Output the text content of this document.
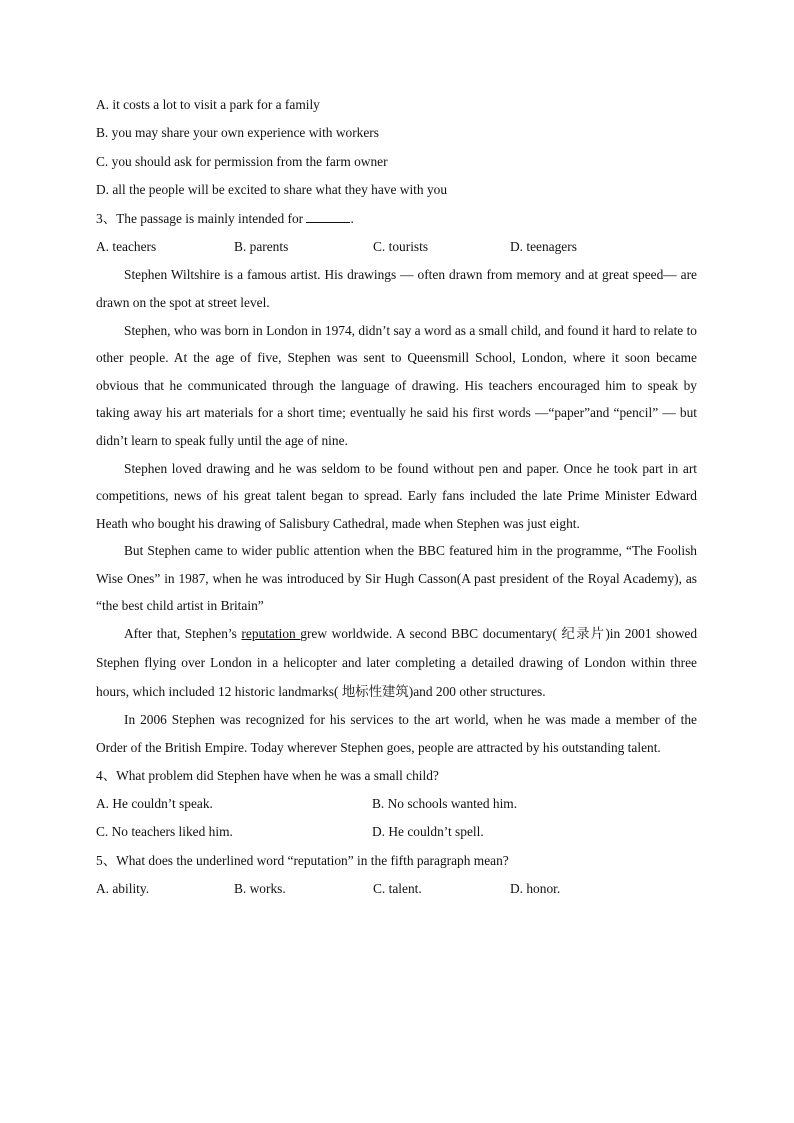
A. it costs a lot to visit a park for a family
B. you may share your own experience with workers
C. you should ask for permission from the farm owner
D. all the people will be excited to share what they have with you
3、The passage is mainly intended for	.
A. teachers	B. parents	C. tourists	D. teenagers

Stephen Wiltshire is a famous artist. His drawings — often drawn from memory and at great speed— are drawn on the spot at street level.

Stephen, who was born in London in 1974, didn’t say a word as a small child, and found it hard to relate to other people. At the age of five, Stephen was sent to Queensmill School, London, where it soon became obvious that he communicated through the language of drawing. His teachers encouraged him to speak by taking away his art materials for a short time; eventually he said his first words —“paper”and “pencil” — but didn’t learn to speak fully until the age of nine.

Stephen loved drawing and he was seldom to be found without pen and paper. Once he took part in art competitions, news of his great talent began to spread. Early fans included the late Prime Minister Edward Heath who bought his drawing of Salisbury Cathedral, made when Stephen was just eight.

But Stephen came to wider public attention when the BBC featured him in the programme, “The Foolish Wise Ones” in 1987, when he was introduced by Sir Hugh Casson(A past president of the Royal Academy), as “the best child artist in Britain”

After that, Stephen’s reputation grew worldwide. A second BBC documentary( 纪录片)in 2001 showed Stephen flying over London in a helicopter and later completing a detailed drawing of London within three hours, which included 12 historic landmarks( 地标性建筑)and 200 other structures.

In 2006 Stephen was recognized for his services to the art world, when he was made a member of the Order of the British Empire. Today wherever Stephen goes, people are attracted by his outstanding talent.

4、What problem did Stephen have when he was a small child?
A. He couldn’t speak.	B. No schools wanted him.
C. No teachers liked him.	D. He couldn’t spell.
5、What does the underlined word “reputation” in the fifth paragraph mean?
A. ability.	B. works.	C. talent.	D. honor.
